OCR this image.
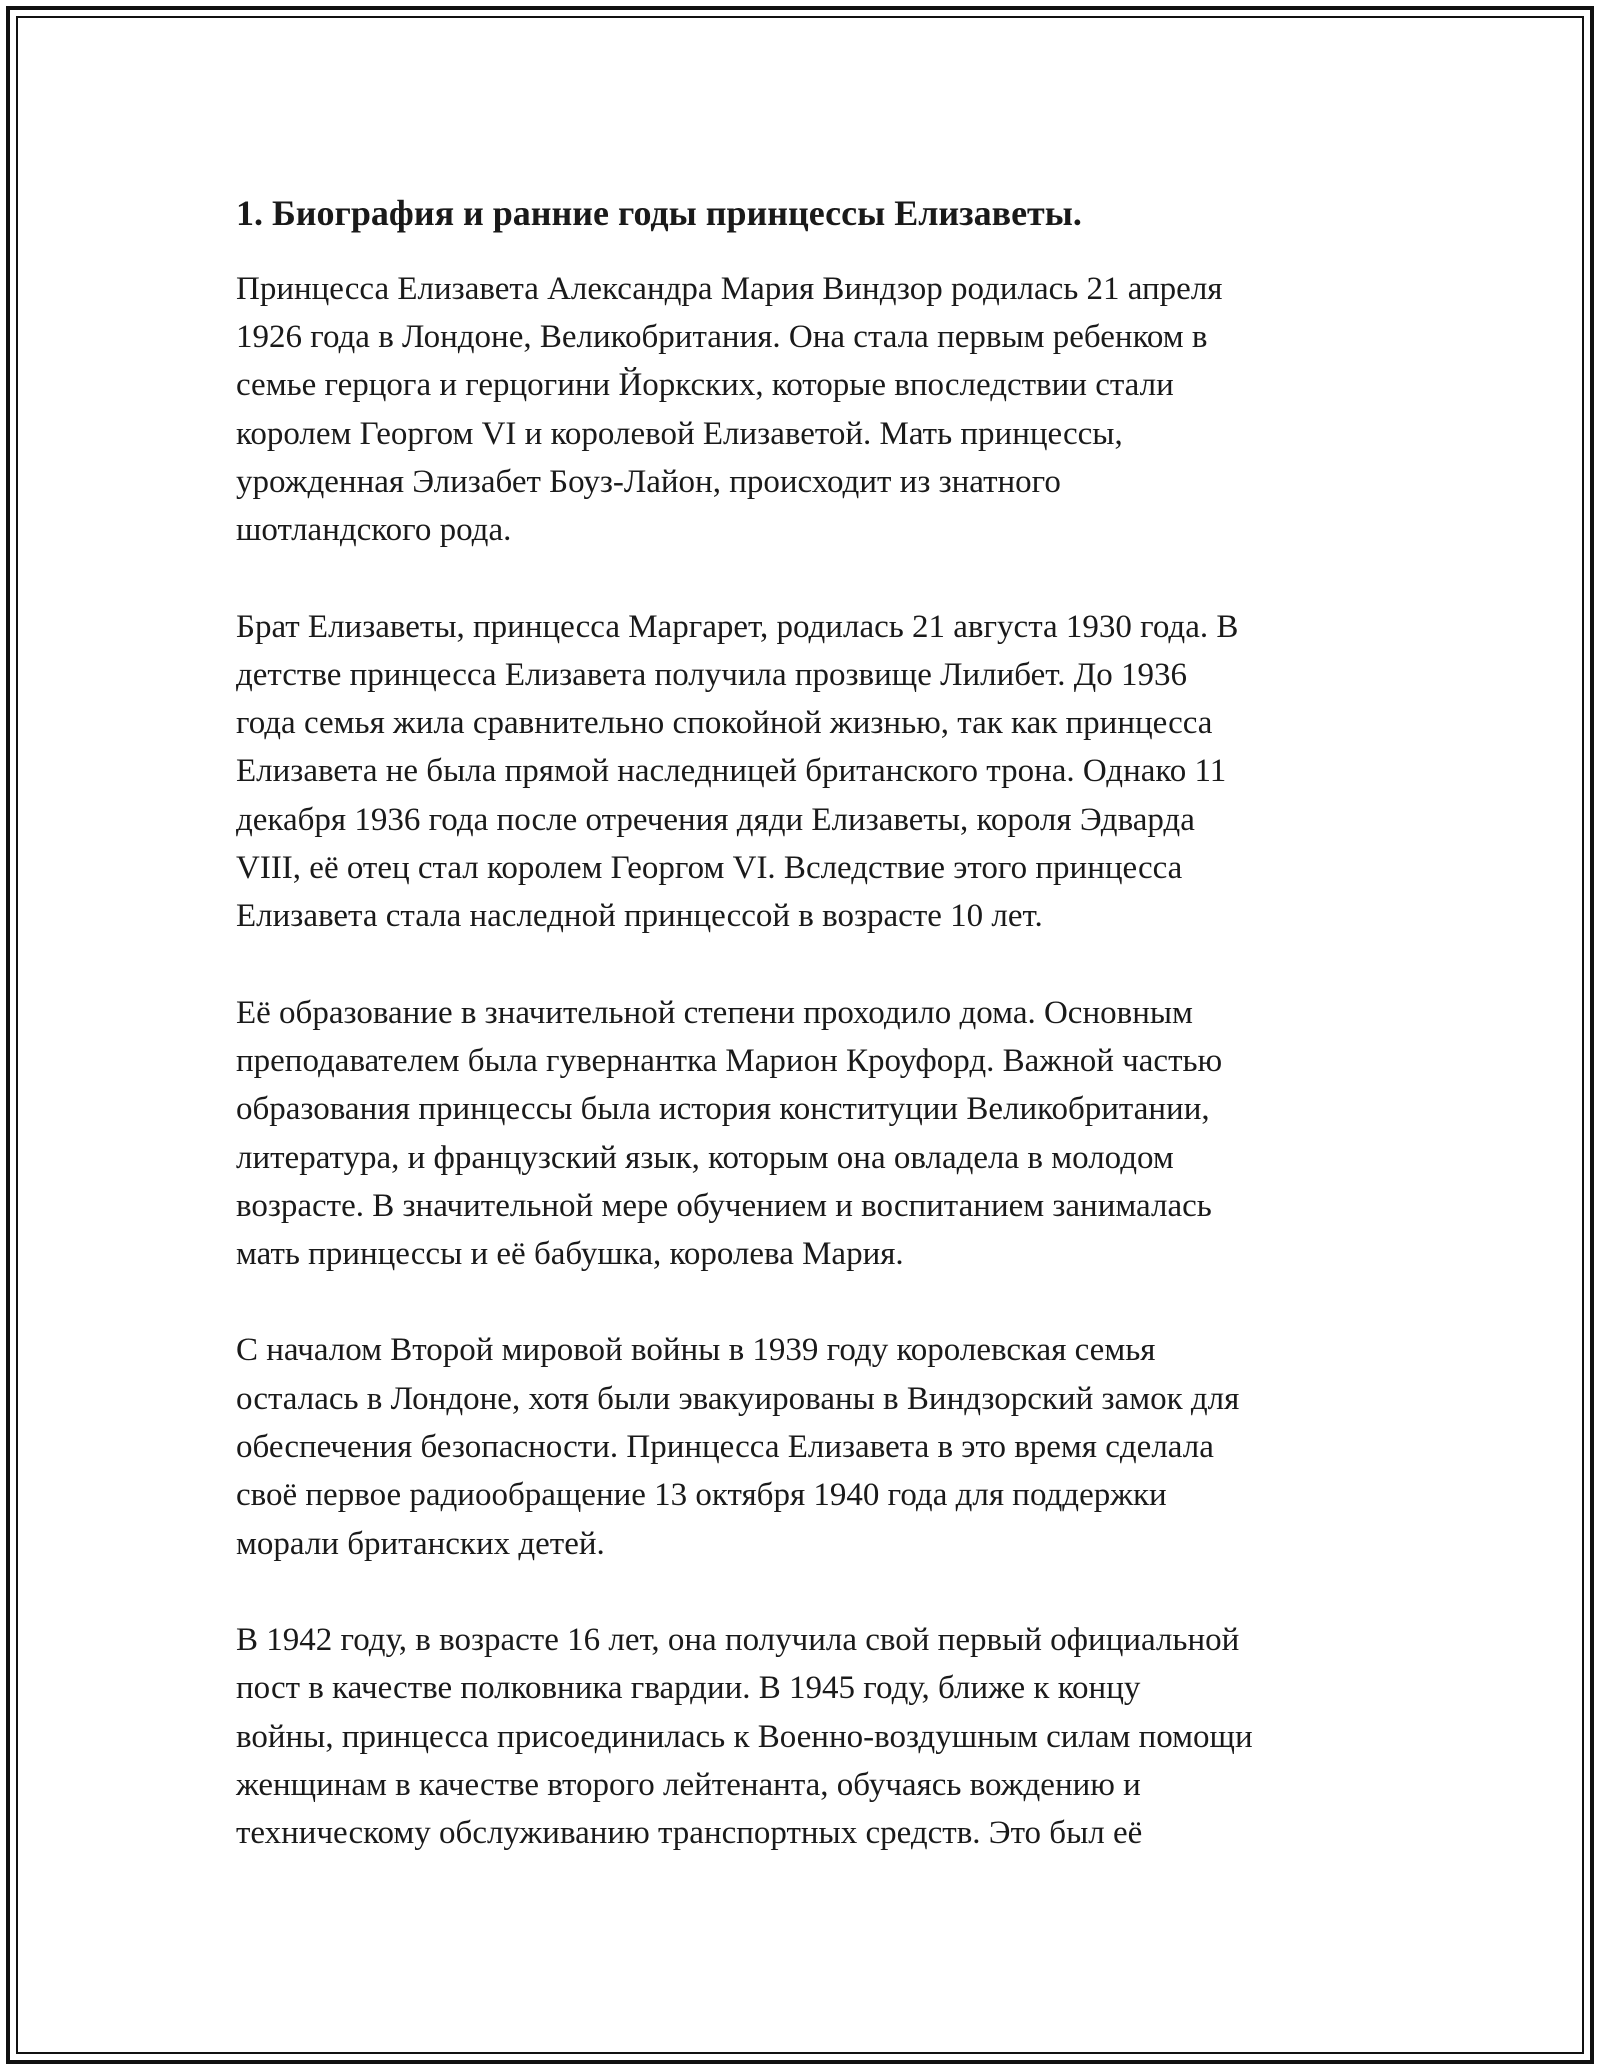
1. Биография и ранние годы принцессы Елизаветы.

Принцесса Елизавета Александра Мария Виндзор родилась 21 апреля
1926 года в Лондоне, Великобритания. Она стала первым ребенком в
семье герцога и герцогини Йоркских, которые впоследствии стали
королем Георгом VI и королевой Елизаветой. Мать принцессы,
урожденная Элизабет Боуз-Лайон, происходит из знатного
шотландского рода.

Брат Елизаветы, принцесса Маргарет, родилась 21 августа 1930 года. В
детстве принцесса Елизавета получила прозвище Лилибет. До 1936
года семья жила сравнительно спокойной жизнью, так как принцесса
Елизавета не была прямой наследницей британского трона. Однако 11
декабря 1936 года после отречения дяди Елизаветы, короля Эдварда
VIII, её отец стал королем Георгом VI. Вследствие этого принцесса
Елизавета стала наследной принцессой в возрасте 10 лет.

Её образование в значительной степени проходило дома. Основным
преподавателем была гувернантка Марион Кроуфорд. Важной частью
образования принцессы была история конституции Великобритании,
литература, и французский язык, которым она овладела в молодом
возрасте. В значительной мере обучением и воспитанием занималась
мать принцессы и её бабушка, королева Мария.

С началом Второй мировой войны в 1939 году королевская семья
осталась в Лондоне, хотя были эвакуированы в Виндзорский замок для
обеспечения безопасности. Принцесса Елизавета в это время сделала
своё первое радиообращение 13 октября 1940 года для поддержки
морали британских детей.

В 1942 году, в возрасте 16 лет, она получила свой первый официальной
пост в качестве полковника гвардии. В 1945 году, ближе к концу
войны, принцесса присоединилась к Военно-воздушным силам помощи
женщинам в качестве второго лейтенанта, обучаясь вождению и
техническому обслуживанию транспортных средств. Это был её
